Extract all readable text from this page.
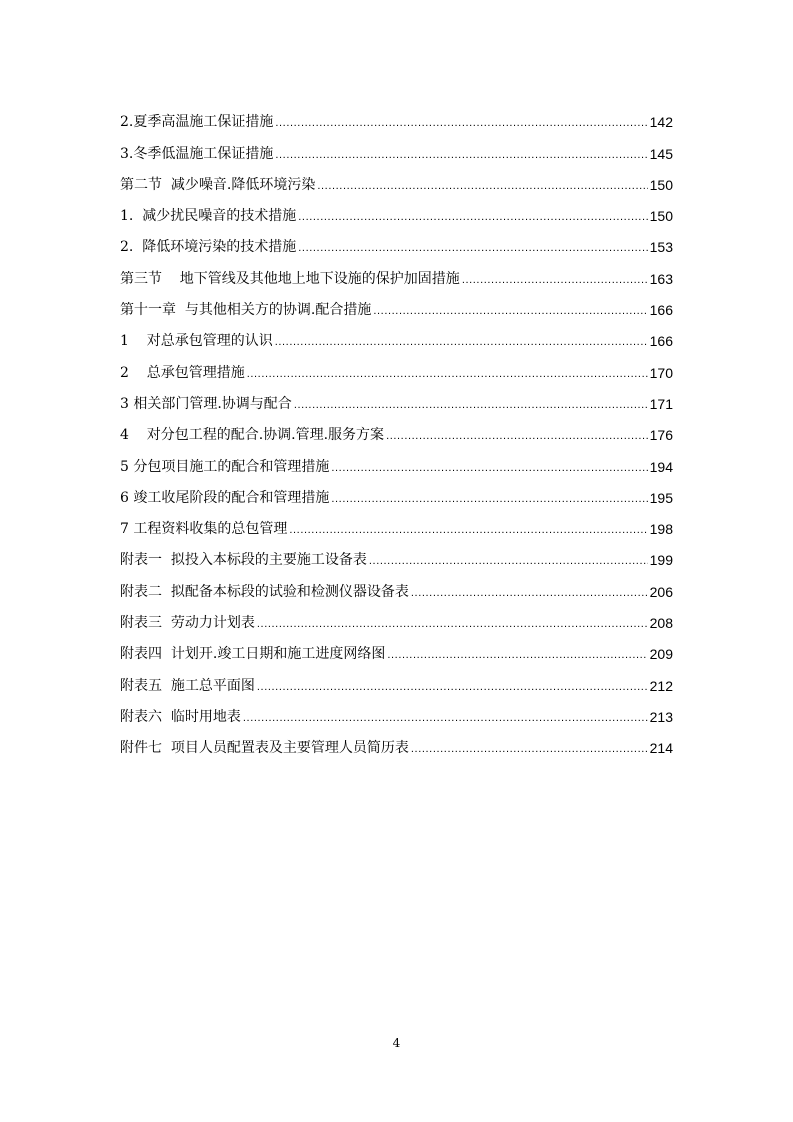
2.夏季高温施工保证措施 .....	142
3.冬季低温施工保证措施 .....	145
第二节  减少噪音.降低环境污染 .....	150
1.  减少扰民噪音的技术措施 .....	150
2.  降低环境污染的技术措施 .....	153
第三节    地下管线及其他地上地下设施的保护加固措施 .....	163
第十一章  与其他相关方的协调.配合措施 .....	166
1    对总承包管理的认识 .....	166
2    总承包管理措施 .....	170
3 相关部门管理.协调与配合 .....	171
4    对分包工程的配合.协调.管理.服务方案 .....	176
5 分包项目施工的配合和管理措施 .....	194
6 竣工收尾阶段的配合和管理措施 .....	195
7 工程资料收集的总包管理 .....	198
附表一  拟投入本标段的主要施工设备表 .....	199
附表二  拟配备本标段的试验和检测仪器设备表 .....	206
附表三  劳动力计划表 .....	208
附表四  计划开.竣工日期和施工进度网络图 .....	209
附表五  施工总平面图 .....	212
附表六  临时用地表 .....	213
附件七  项目人员配置表及主要管理人员简历表 .....	214
4
